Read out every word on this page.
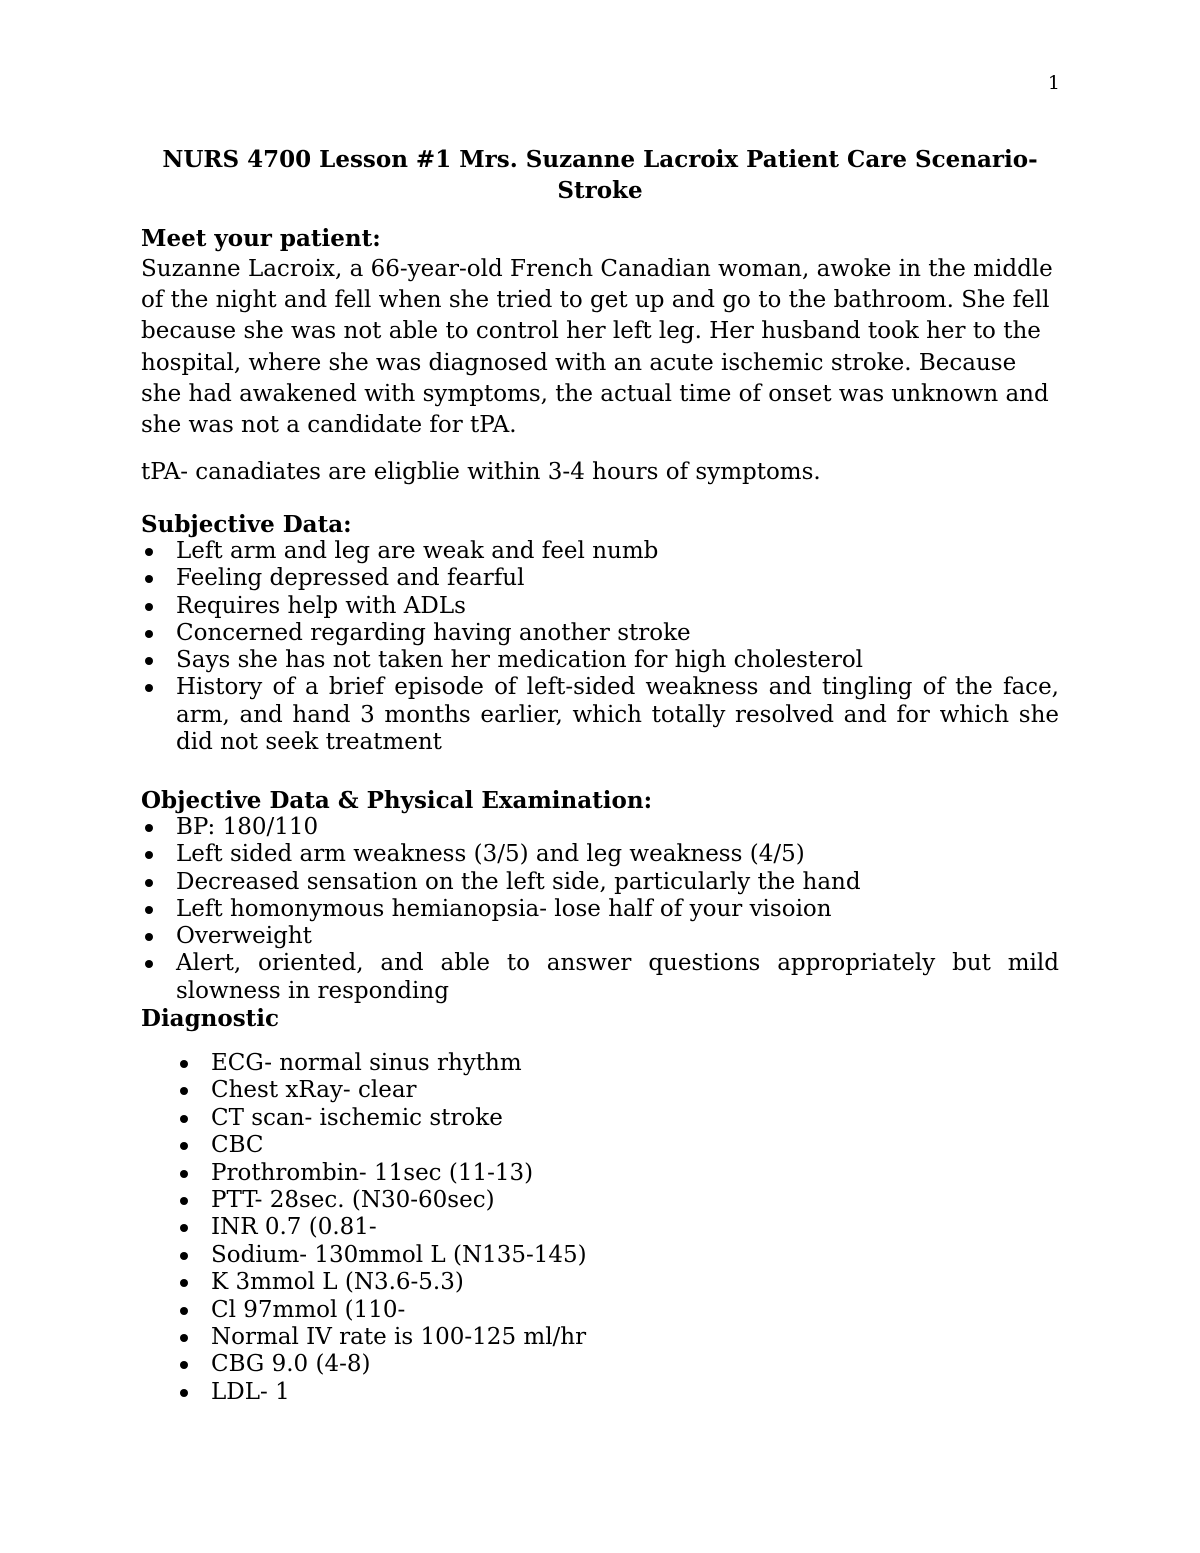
1
NURS 4700 Lesson #1 Mrs. Suzanne Lacroix Patient Care Scenario-
Stroke
Meet your patient:
Suzanne Lacroix, a 66-year-old French Canadian woman, awoke in the middle of the night and fell when she tried to get up and go to the bathroom. She fell because she was not able to control her left leg. Her husband took her to the hospital, where she was diagnosed with an acute ischemic stroke. Because she had awakened with symptoms, the actual time of onset was unknown and she was not a candidate for tPA.
tPA- canadiates are eligblie within 3-4 hours of symptoms.
Subjective Data:
Left arm and leg are weak and feel numb
Feeling depressed and fearful
Requires help with ADLs
Concerned regarding having another stroke
Says she has not taken her medication for high cholesterol
History of a brief episode of left-sided weakness and tingling of the face, arm, and hand 3 months earlier, which totally resolved and for which she did not seek treatment
Objective Data & Physical Examination:
BP: 180/110
Left sided arm weakness (3/5) and leg weakness (4/5)
Decreased sensation on the left side, particularly the hand
Left homonymous hemianopsia- lose half of your visoion
Overweight
Alert, oriented, and able to answer questions appropriately but mild slowness in responding
Diagnostic
ECG- normal sinus rhythm
Chest xRay- clear
CT scan- ischemic stroke
CBC
Prothrombin- 11sec (11-13)
PTT- 28sec. (N30-60sec)
INR 0.7 (0.81-
Sodium- 130mmol L (N135-145)
K 3mmol L (N3.6-5.3)
Cl 97mmol (110-
Normal IV rate is 100-125 ml/hr
CBG 9.0 (4-8)
LDL- 1
